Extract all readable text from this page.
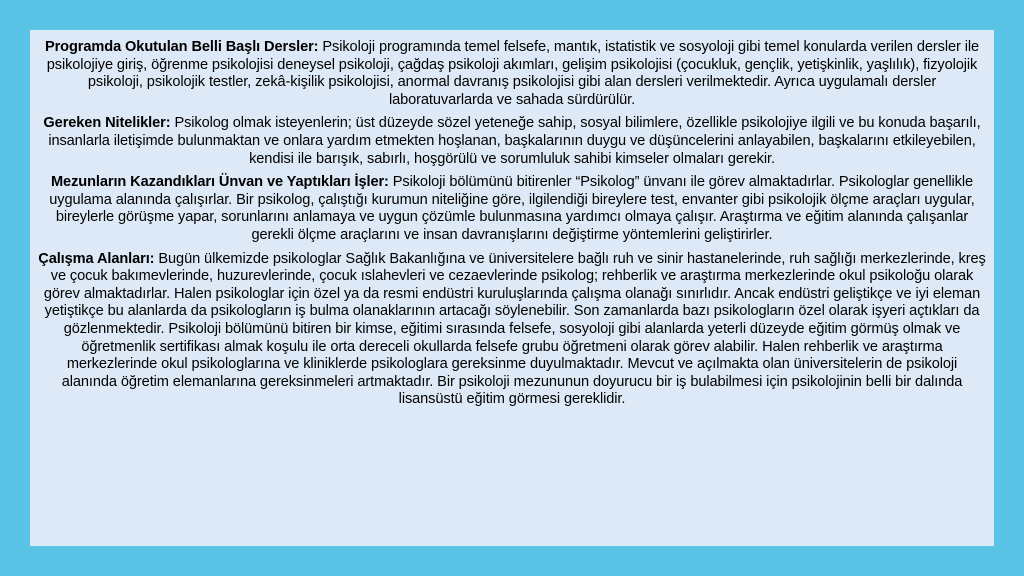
Programda Okutulan Belli Başlı Dersler: Psikoloji programında temel felsefe, mantık, istatistik ve sosyoloji gibi temel konularda verilen dersler ile psikolojiye giriş, öğrenme psikolojisi deneysel psikoloji, çağdaş psikoloji akımları, gelişim psikolojisi (çocukluk, gençlik, yetişkinlik, yaşlılık), fizyolojik psikoloji, psikolojik testler, zekâ-kişilik psikolojisi, anormal davranış psikolojisi gibi alan dersleri verilmektedir. Ayrıca uygulamalı dersler laboratuvarlarda ve sahada sürdürülür.

Gereken Nitelikler: Psikolog olmak isteyenlerin; üst düzeyde sözel yeteneğe sahip, sosyal bilimlere, özellikle psikolojiye ilgili ve bu konuda başarılı, insanlarla iletişimde bulunmaktan ve onlara yardım etmekten hoşlanan, başkalarının duygu ve düşüncelerini anlayabilen, başkalarını etkileyebilen, kendisi ile barışık, sabırlı, hoşgörülü ve sorumluluk sahibi kimseler olmaları gerekir.

Mezunların Kazandıkları Ünvan ve Yaptıkları İşler: Psikoloji bölümünü bitirenler “Psikolog” ünvanı ile görev almaktadırlar. Psikologlar genellikle uygulama alanında çalışırlar. Bir psikolog, çalıştığı kurumun niteliğine göre, ilgilendiği bireylere test, envanter gibi psikolojik ölçme araçları uygular, bireylerle görüşme yapar, sorunlarını anlamaya ve uygun çözümle bulunmasına yardımcı olmaya çalışır. Araştırma ve eğitim alanında çalışanlar gerekli ölçme araçlarını ve insan davranışlarını değiştirme yöntemlerini geliştirirler.

Çalışma Alanları: Bugün ülkemizde psikologlar Sağlık Bakanlığına ve üniversitelere bağlı ruh ve sinir hastanelerinde, ruh sağlığı merkezlerinde, kreş ve çocuk bakımevlerinde, huzurevlerinde, çocuk ıslahevleri ve cezaevlerinde psikolog; rehberlik ve araştırma merkezlerinde okul psikoloğu olarak görev almaktadırlar. Halen psikologlar için özel ya da resmi endüstri kuruluşlarında çalışma olanağı sınırlıdır. Ancak endüstri geliştikçe ve iyi eleman yetiştikçe bu alanlarda da psikologların iş bulma olanaklarının artacağı söylenebilir. Son zamanlarda bazı psikologların özel olarak işyeri açtıkları da gözlenmektedir. Psikoloji bölümünü bitiren bir kimse, eğitimi sırasında felsefe, sosyoloji gibi alanlarda yeterli düzeyde eğitim görmüş olmak ve öğretmenlik sertifikası almak koşulu ile orta dereceli okullarda felsefe grubu öğretmeni olarak görev alabilir. Halen rehberlik ve araştırma merkezlerinde okul psikologlarına ve kliniklerde psikologlara gereksinme duyulmaktadır. Mevcut ve açılmakta olan üniversitelerin de psikoloji alanında öğretim elemanlarına gereksinmeleri artmaktadır. Bir psikoloji mezununun doyurucu bir iş bulabilmesi için psikolojinin belli bir dalında lisansüstü eğitim görmesi gereklidir.
